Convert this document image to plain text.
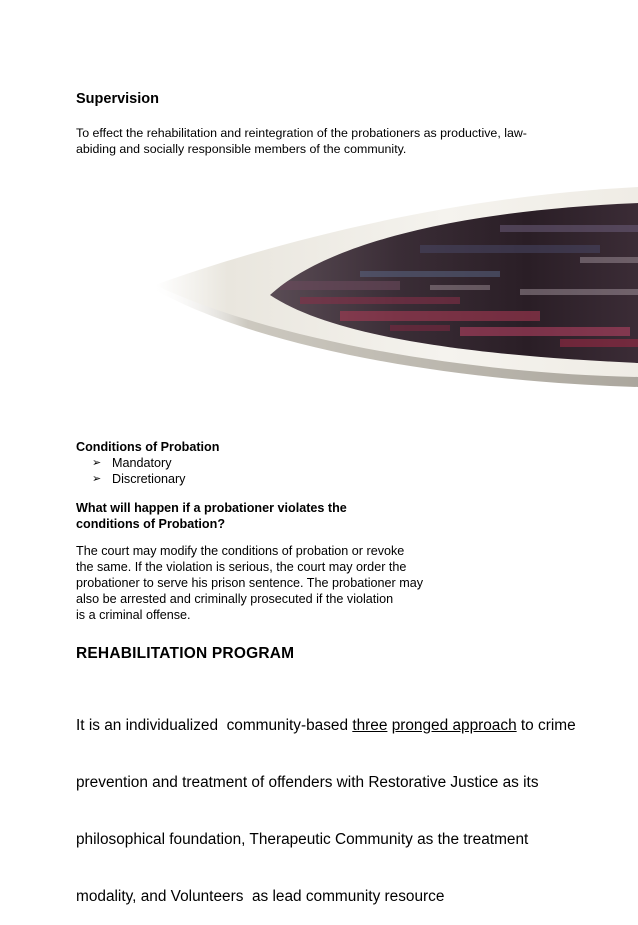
Supervision
To effect the rehabilitation and reintegration of the probationers as productive, law-
abiding and socially responsible members of the community.
Conditions of Probation
➢ Mandatory
➢ Discretionary
What will happen if a probationer violates the
conditions of Probation?
The court may modify the conditions of probation or revoke
the same. If the violation is serious, the court may order the
probationer to serve his prison sentence. The probationer may
also be arrested and criminally prosecuted if the violation
is a criminal offense.
REHABILITATION PROGRAM

It is an individualized  community-based three pronged approach to crime

prevention and treatment of offenders with Restorative Justice as its

philosophical foundation, Therapeutic Community as the treatment

modality, and Volunteers  as lead community resource
